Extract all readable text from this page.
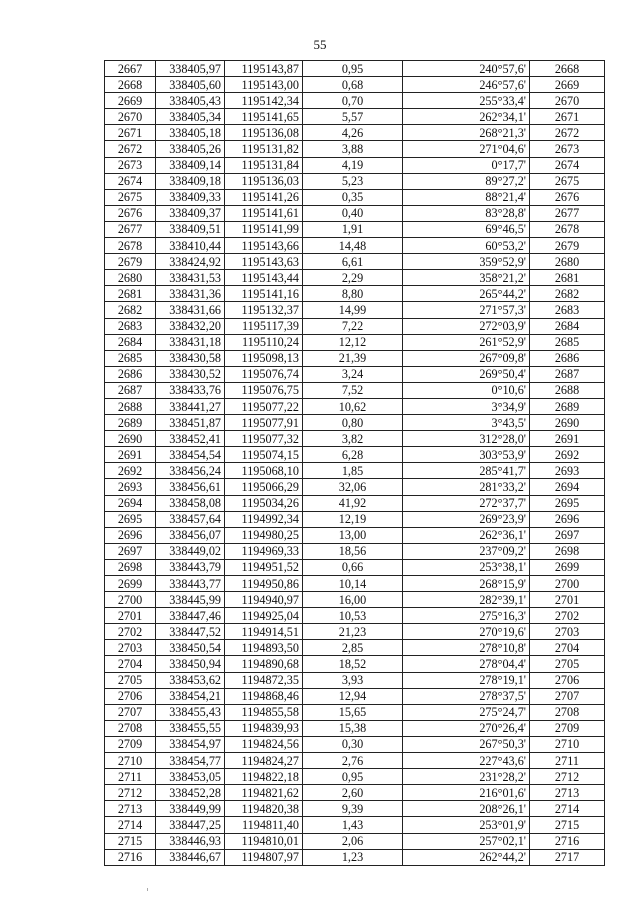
55
2667	338405,97	1195143,87	0,95	240°57,6'	2668
2668	338405,60	1195143,00	0,68	246°57,6'	2669
2669	338405,43	1195142,34	0,70	255°33,4'	2670
2670	338405,34	1195141,65	5,57	262°34,1'	2671
2671	338405,18	1195136,08	4,26	268°21,3'	2672
2672	338405,26	1195131,82	3,88	271°04,6'	2673
2673	338409,14	1195131,84	4,19	0°17,7'	2674
2674	338409,18	1195136,03	5,23	89°27,2'	2675
2675	338409,33	1195141,26	0,35	88°21,4'	2676
2676	338409,37	1195141,61	0,40	83°28,8'	2677
2677	338409,51	1195141,99	1,91	69°46,5'	2678
2678	338410,44	1195143,66	14,48	60°53,2'	2679
2679	338424,92	1195143,63	6,61	359°52,9'	2680
2680	338431,53	1195143,44	2,29	358°21,2'	2681
2681	338431,36	1195141,16	8,80	265°44,2'	2682
2682	338431,66	1195132,37	14,99	271°57,3'	2683
2683	338432,20	1195117,39	7,22	272°03,9'	2684
2684	338431,18	1195110,24	12,12	261°52,9'	2685
2685	338430,58	1195098,13	21,39	267°09,8'	2686
2686	338430,52	1195076,74	3,24	269°50,4'	2687
2687	338433,76	1195076,75	7,52	0°10,6'	2688
2688	338441,27	1195077,22	10,62	3°34,9'	2689
2689	338451,87	1195077,91	0,80	3°43,5'	2690
2690	338452,41	1195077,32	3,82	312°28,0'	2691
2691	338454,54	1195074,15	6,28	303°53,9'	2692
2692	338456,24	1195068,10	1,85	285°41,7'	2693
2693	338456,61	1195066,29	32,06	281°33,2'	2694
2694	338458,08	1195034,26	41,92	272°37,7'	2695
2695	338457,64	1194992,34	12,19	269°23,9'	2696
2696	338456,07	1194980,25	13,00	262°36,1'	2697
2697	338449,02	1194969,33	18,56	237°09,2'	2698
2698	338443,79	1194951,52	0,66	253°38,1'	2699
2699	338443,77	1194950,86	10,14	268°15,9'	2700
2700	338445,99	1194940,97	16,00	282°39,1'	2701
2701	338447,46	1194925,04	10,53	275°16,3'	2702
2702	338447,52	1194914,51	21,23	270°19,6'	2703
2703	338450,54	1194893,50	2,85	278°10,8'	2704
2704	338450,94	1194890,68	18,52	278°04,4'	2705
2705	338453,62	1194872,35	3,93	278°19,1'	2706
2706	338454,21	1194868,46	12,94	278°37,5'	2707
2707	338455,43	1194855,58	15,65	275°24,7'	2708
2708	338455,55	1194839,93	15,38	270°26,4'	2709
2709	338454,97	1194824,56	0,30	267°50,3'	2710
2710	338454,77	1194824,27	2,76	227°43,6'	2711
2711	338453,05	1194822,18	0,95	231°28,2'	2712
2712	338452,28	1194821,62	2,60	216°01,6'	2713
2713	338449,99	1194820,38	9,39	208°26,1'	2714
2714	338447,25	1194811,40	1,43	253°01,9'	2715
2715	338446,93	1194810,01	2,06	257°02,1'	2716
2716	338446,67	1194807,97	1,23	262°44,2'	2717
